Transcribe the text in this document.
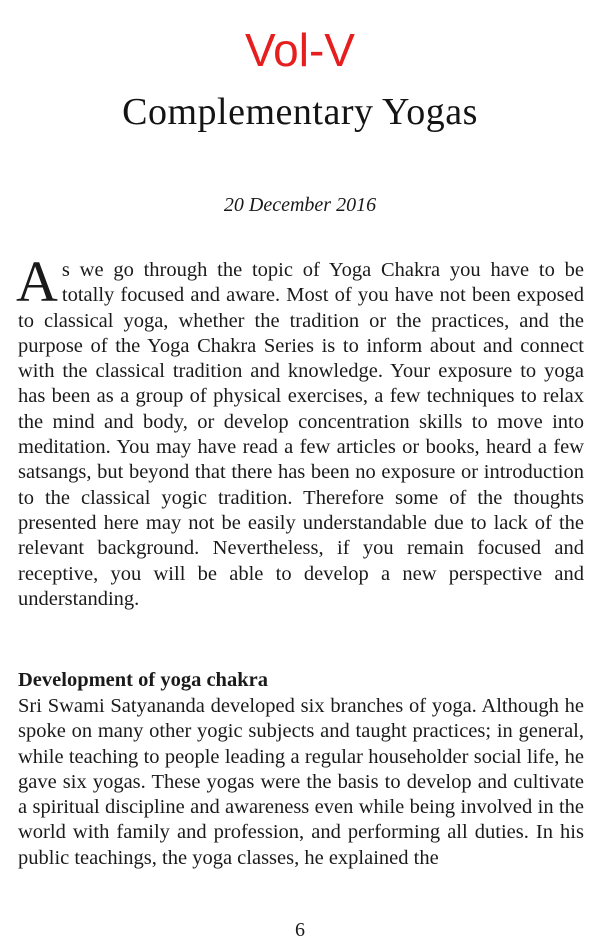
Vol-V
Complementary Yogas
20 December 2016

As we go through the topic of Yoga Chakra you have to be totally focused and aware. Most of you have not been exposed to classical yoga, whether the tradition or the practices, and the purpose of the Yoga Chakra Series is to inform about and connect with the classical tradition and knowledge. Your exposure to yoga has been as a group of physical exercises, a few techniques to relax the mind and body, or develop concentration skills to move into meditation. You may have read a few articles or books, heard a few satsangs, but beyond that there has been no exposure or introduction to the classical yogic tradition. Therefore some of the thoughts presented here may not be easily understandable due to lack of the relevant background. Nevertheless, if you remain focused and receptive, you will be able to develop a new perspective and understanding.

Development of yoga chakra

Sri Swami Satyananda developed six branches of yoga. Although he spoke on many other yogic subjects and taught practices; in general, while teaching to people leading a regular householder social life, he gave six yogas. These yogas were the basis to develop and cultivate a spiritual discipline and awareness even while being involved in the world with family and profession, and performing all duties. In his public teachings, the yoga classes, he explained the

6
